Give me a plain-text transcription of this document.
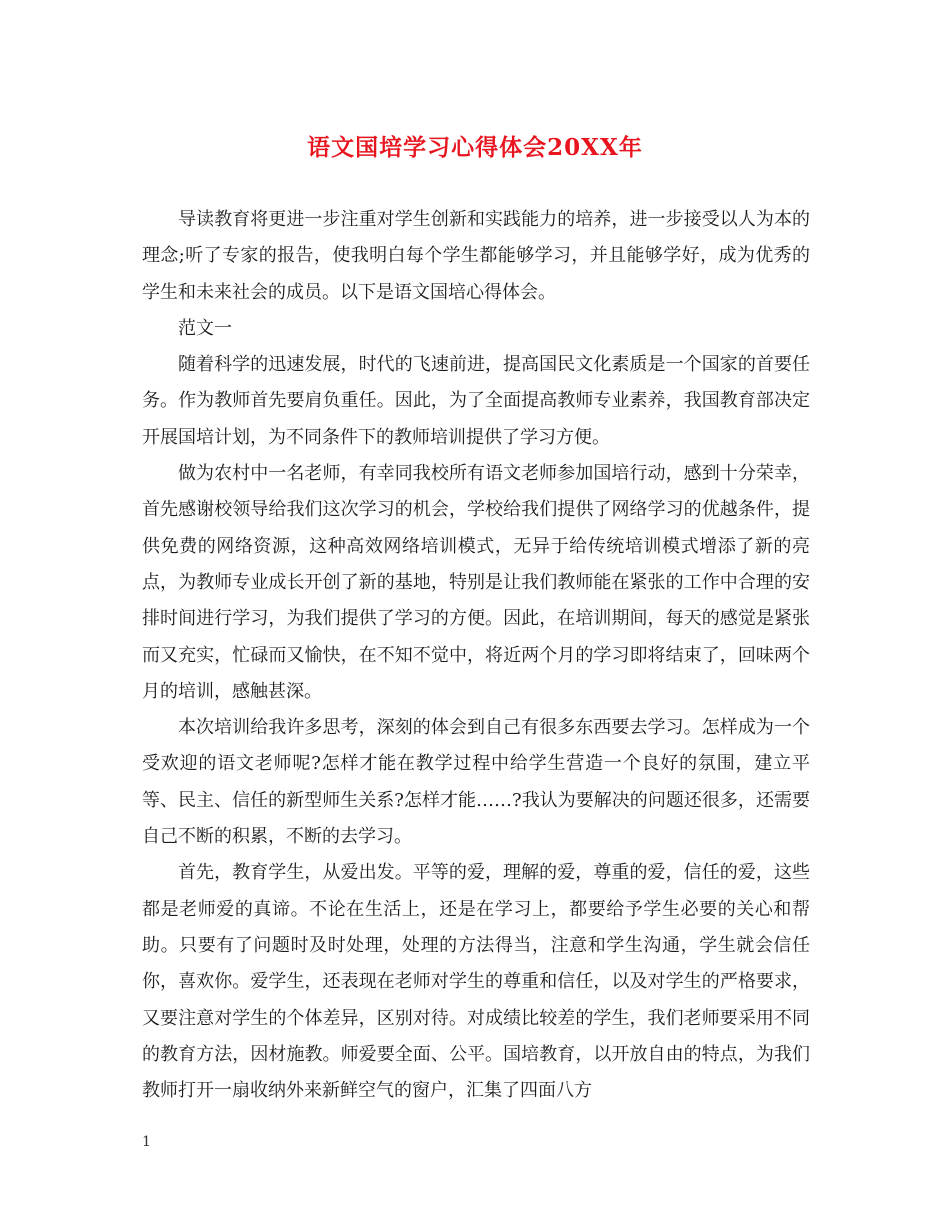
语文国培学习心得体会20XX年

导读教育将更进一步注重对学生创新和实践能力的培养，进一步接受以人为本的理念;听了专家的报告，使我明白每个学生都能够学习，并且能够学好，成为优秀的学生和未来社会的成员。以下是语文国培心得体会。

范文一

随着科学的迅速发展，时代的飞速前进，提高国民文化素质是一个国家的首要任务。作为教师首先要肩负重任。因此，为了全面提高教师专业素养，我国教育部决定开展国培计划，为不同条件下的教师培训提供了学习方便。

做为农村中一名老师，有幸同我校所有语文老师参加国培行动，感到十分荣幸，首先感谢校领导给我们这次学习的机会，学校给我们提供了网络学习的优越条件，提供免费的网络资源，这种高效网络培训模式，无异于给传统培训模式增添了新的亮点，为教师专业成长开创了新的基地，特别是让我们教师能在紧张的工作中合理的安排时间进行学习，为我们提供了学习的方便。因此，在培训期间，每天的感觉是紧张而又充实，忙碌而又愉快，在不知不觉中，将近两个月的学习即将结束了，回味两个月的培训，感触甚深。

本次培训给我许多思考，深刻的体会到自己有很多东西要去学习。怎样成为一个受欢迎的语文老师呢?怎样才能在教学过程中给学生营造一个良好的氛围，建立平等、民主、信任的新型师生关系?怎样才能……?我认为要解决的问题还很多，还需要自己不断的积累，不断的去学习。

首先，教育学生，从爱出发。平等的爱，理解的爱，尊重的爱，信任的爱，这些都是老师爱的真谛。不论在生活上，还是在学习上，都要给予学生必要的关心和帮助。只要有了问题时及时处理，处理的方法得当，注意和学生沟通，学生就会信任你，喜欢你。爱学生，还表现在老师对学生的尊重和信任，以及对学生的严格要求，又要注意对学生的个体差异，区别对待。对成绩比较差的学生，我们老师要采用不同的教育方法，因材施教。师爱要全面、公平。国培教育，以开放自由的特点，为我们教师打开一扇收纳外来新鲜空气的窗户，汇集了四面八方

1
